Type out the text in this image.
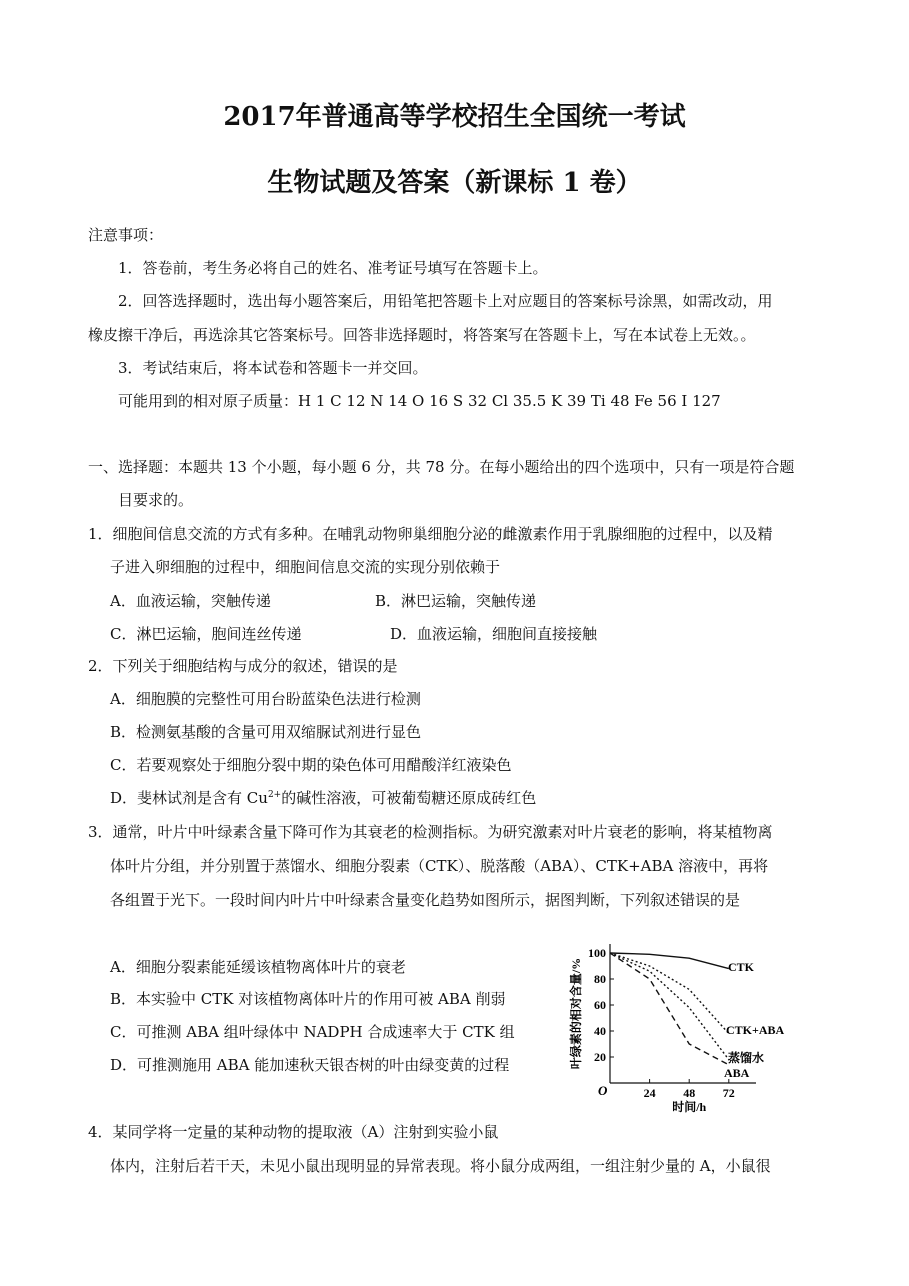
2017年普通高等学校招生全国统一考试
生物试题及答案（新课标 1 卷）
注意事项：
1．答卷前，考生务必将自己的姓名、准考证号填写在答题卡上。
2．回答选择题时，选出每小题答案后，用铅笔把答题卡上对应题目的答案标号涂黑，如需改动，用
橡皮擦干净后，再选涂其它答案标号。回答非选择题时，将答案写在答题卡上，写在本试卷上无效。。
3．考试结束后，将本试卷和答题卡一并交回。
可能用到的相对原子质量：H 1 C 12 N 14 O 16 S 32 Cl 35.5 K 39 Ti 48 Fe 56 I 127
一、选择题：本题共 13 个小题，每小题 6 分，共 78 分。在每小题给出的四个选项中，只有一项是符合题
目要求的。
1．细胞间信息交流的方式有多种。在哺乳动物卵巢细胞分泌的雌激素作用于乳腺细胞的过程中，以及精
子进入卵细胞的过程中，细胞间信息交流的实现分别依赖于
A．血液运输，突触传递	B．淋巴运输，突触传递
C．淋巴运输，胞间连丝传递	D．血液运输，细胞间直接接触
2．下列关于细胞结构与成分的叙述，错误的是
A．细胞膜的完整性可用台盼蓝染色法进行检测
B．检测氨基酸的含量可用双缩脲试剂进行显色
C．若要观察处于细胞分裂中期的染色体可用醋酸洋红液染色
D．斐林试剂是含有 $Cu^{2+}$的碱性溶液，可被葡萄糖还原成砖红色
3．通常，叶片中叶绿素含量下降可作为其衰老的检测指标。为研究激素对叶片衰老的影响，将某植物离
体叶片分组，并分别置于蒸馏水、细胞分裂素（CTK）、脱落酸（ABA）、CTK+ABA 溶液中，再将
各组置于光下。一段时间内叶片中叶绿素含量变化趋势如图所示，据图判断，下列叙述错误的是
A．细胞分裂素能延缓该植物离体叶片的衰老
B．本实验中 CTK 对该植物离体叶片的作用可被 ABA 削弱
C．可推测 ABA 组叶绿体中 NADPH 合成速率大于 CTK 组
D．可推测施用 ABA 能加速秋天银杏树的叶由绿变黄的过程
24 48 72
20
40
60
80
100
O
时间/h
叶绿素的相对含量/%	CTK
CTK+ABA
蒸馏水
ABA
4．某同学将一定量的某种动物的提取液（A）注射到实验小鼠
体内，注射后若干天，未见小鼠出现明显的异常表现。将小鼠分成两组，一组注射少量的 A，小鼠很
